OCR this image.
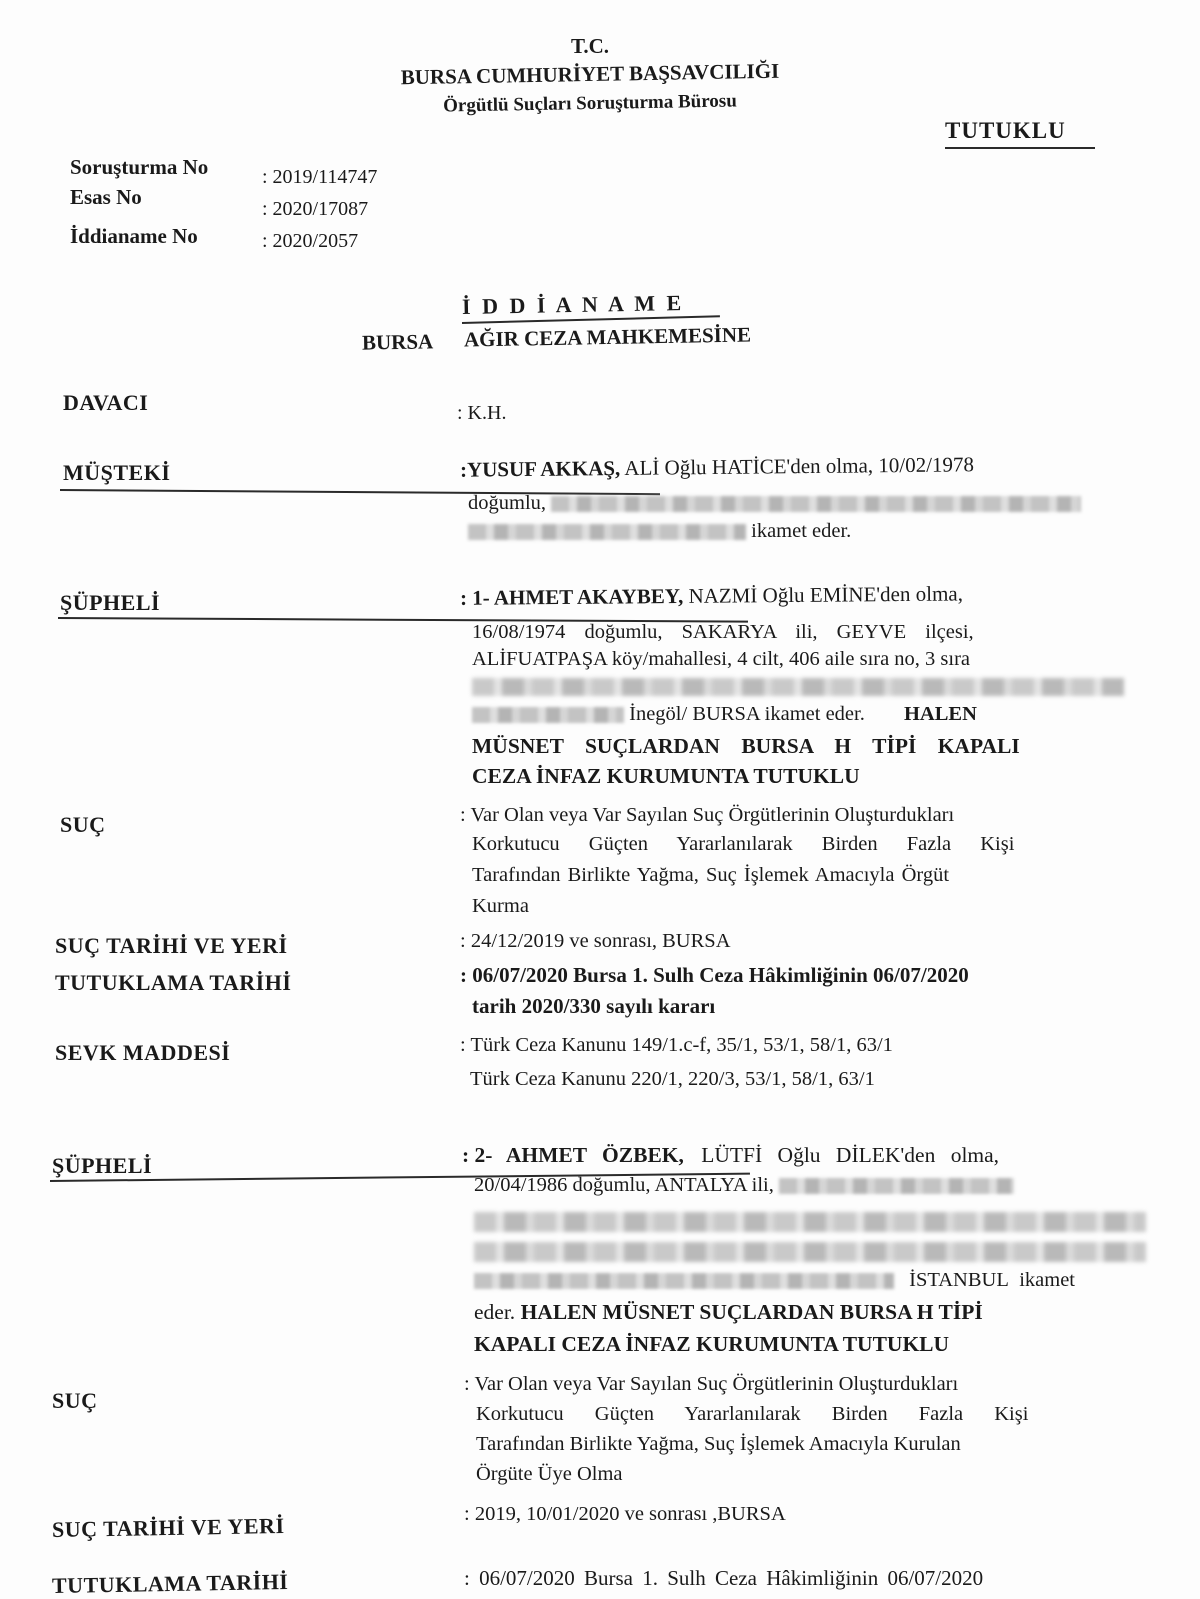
T.C.
BURSA CUMHURİYET BAŞSAVCILIĞI
Örgütlü Suçları Soruşturma Bürosu
TUTUKLU
Soruşturma No	: 2019/114747
Esas No	: 2020/17087
İddianame No	: 2020/2057
İ D D İ A N A M E
BURSA AĞIR CEZA MAHKEMESİNE
DAVACI	: K.H.
MÜŞTEKİ	:YUSUF AKKAŞ, ALİ Oğlu HATİCE'den olma, 10/02/1978
doğumlu,
ikamet eder.
ŞÜPHELİ	: 1- AHMET AKAYBEY, NAZMİ Oğlu EMİNE'den olma,
16/08/1974 doğumlu, SAKARYA ili, GEYVE ilçesi,
ALİFUATPAŞA köy/mahallesi, 4 cilt, 406 aile sıra no, 3 sıra
İnegöl/ BURSA ikamet eder. HALEN
MÜSNET SUÇLARDAN BURSA H TİPİ KAPALI
CEZA İNFAZ KURUMUNTA TUTUKLU
SUÇ	: Var Olan veya Var Sayılan Suç Örgütlerinin Oluşturdukları
Korkutucu Güçten Yararlanılarak Birden Fazla Kişi
Tarafından Birlikte Yağma, Suç İşlemek Amacıyla Örgüt
Kurma
SUÇ TARİHİ VE YERİ	: 24/12/2019 ve sonrası, BURSA
TUTUKLAMA TARİHİ	: 06/07/2020 Bursa 1. Sulh Ceza Hâkimliğinin 06/07/2020
tarih 2020/330 sayılı kararı
SEVK MADDESİ	: Türk Ceza Kanunu 149/1.c-f, 35/1, 53/1, 58/1, 63/1
Türk Ceza Kanunu 220/1, 220/3, 53/1, 58/1, 63/1
ŞÜPHELİ	: 2- AHMET ÖZBEK, LÜTFİ Oğlu DİLEK'den olma,
20/04/1986 doğumlu, ANTALYA ili,
İSTANBUL ikamet
eder. HALEN MÜSNET SUÇLARDAN BURSA H TİPİ
KAPALI CEZA İNFAZ KURUMUNTA TUTUKLU
SUÇ
: Var Olan veya Var Sayılan Suç Örgütlerinin Oluşturdukları
Korkutucu Güçten Yararlanılarak Birden Fazla Kişi
Tarafından Birlikte Yağma, Suç İşlemek Amacıyla Kurulan
Örgüte Üye Olma
SUÇ TARİHİ VE YERİ	: 2019, 10/01/2020 ve sonrası ,BURSA
TUTUKLAMA TARİHİ	: 06/07/2020 Bursa 1. Sulh Ceza Hâkimliğinin 06/07/2020
